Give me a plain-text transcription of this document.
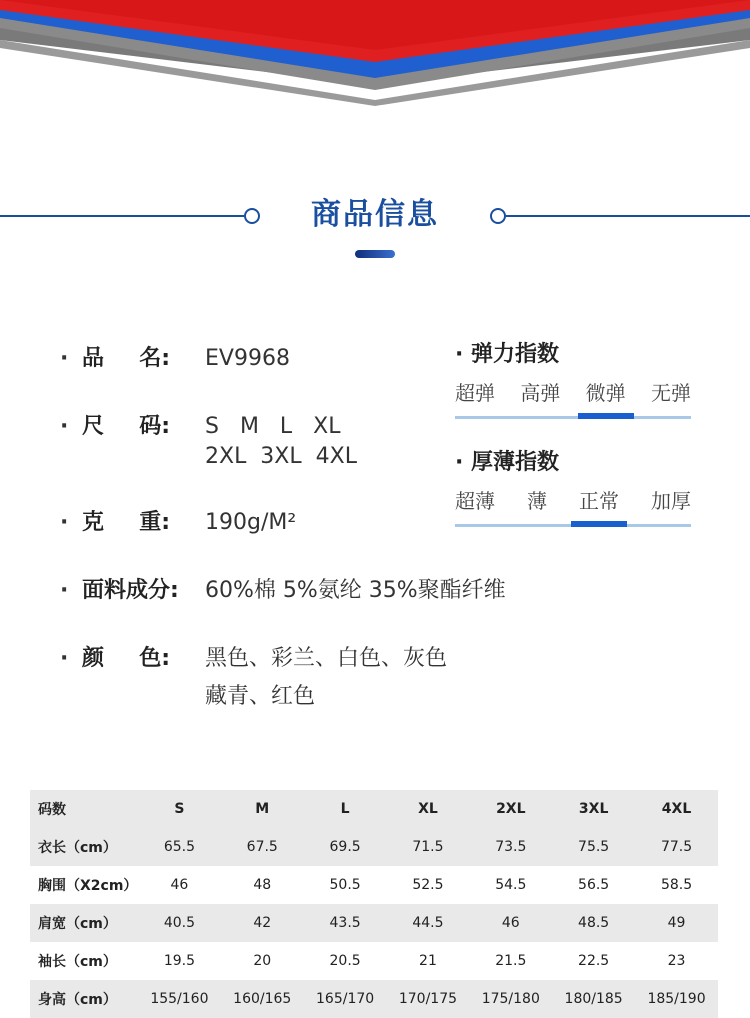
商品信息
· 品 名: EV9968
· 尺 码: S   M   L   XL
2XL  3XL  4XL
· 克 重: 190g/M²
· 面料成分:	60%棉 5%氨纶 35%聚酯纤维
· 颜 色: 黑色、彩兰、白色、灰色
藏青、红色
· 弹力指数
超弹 高弹 微弹 无弹
· 厚薄指数
超薄 薄 正常 加厚
码数	S	M	L	XL	2XL	3XL	4XL
衣长（cm）	65.5	67.5	69.5	71.5	73.5	75.5	77.5
胸围（X2cm）	46	48	50.5	52.5	54.5	56.5	58.5
肩宽（cm）	40.5	42	43.5	44.5	46	48.5	49
袖长（cm）	19.5	20	20.5	21	21.5	22.5	23
身高（cm）	155/160	160/165	165/170	170/175	175/180	180/185	185/190
